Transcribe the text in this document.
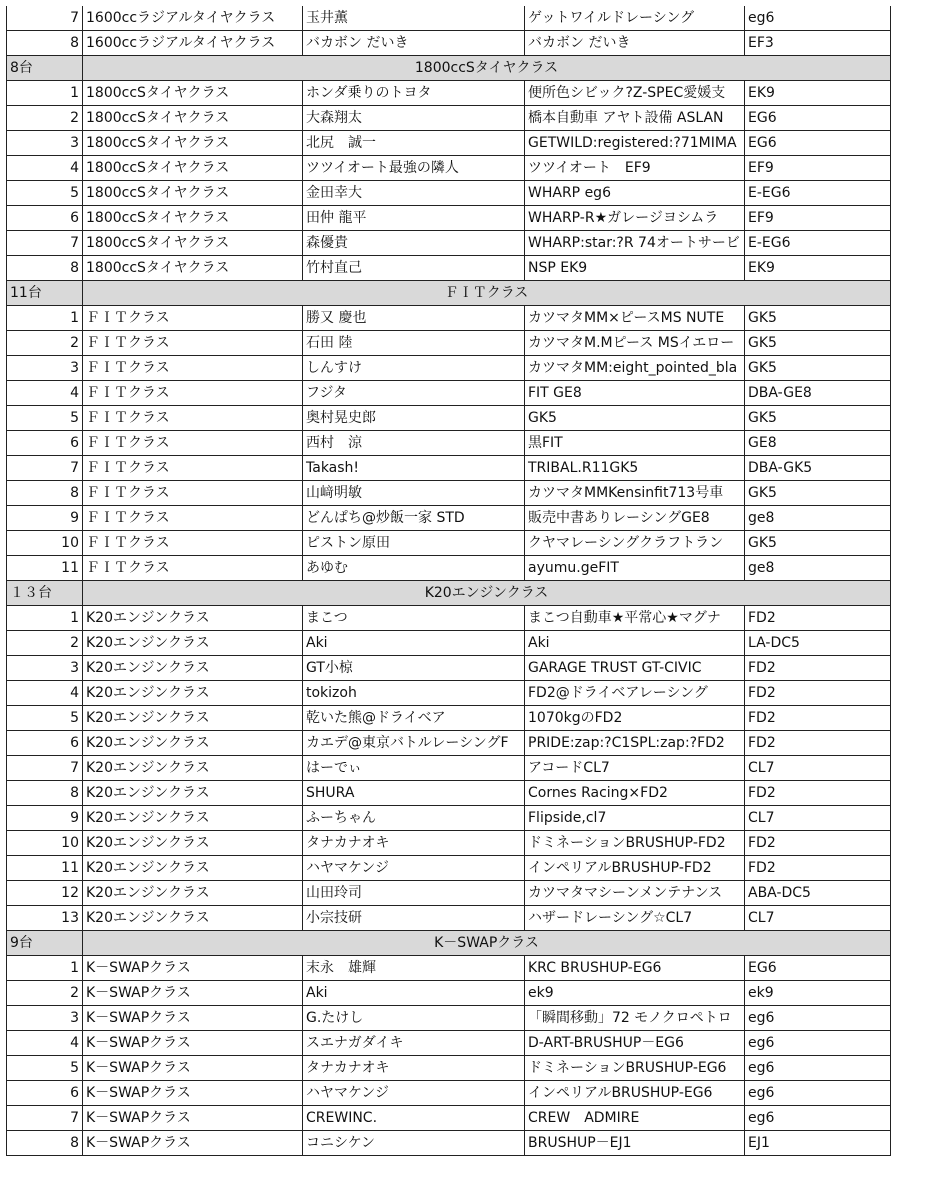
7	1600ccラジアルタイヤクラス	玉井薫	ゲットワイルドレーシング	eg6
8	1600ccラジアルタイヤクラス	バカボン だいき	バカボン だいき	EF3
8台	1800ccSタイヤクラス			
1	1800ccSタイヤクラス	ホンダ乗りのトヨタ	便所色シビック?Z-SPEC愛媛支	EK9
2	1800ccSタイヤクラス	大森翔太	橋本自動車 アヤト設備 ASLAN	EG6
3	1800ccSタイヤクラス	北尻　誠一	GETWILD:registered:?71MIMA	EG6
4	1800ccSタイヤクラス	ツツイオート最強の隣人	ツツイオート　EF9	EF9
5	1800ccSタイヤクラス	金田幸大	WHARP eg6	E-EG6
6	1800ccSタイヤクラス	田仲 龍平	WHARP-R★ガレージヨシムラ	EF9
7	1800ccSタイヤクラス	森優貴	WHARP:star:?R 74オートサービ	E-EG6
8	1800ccSタイヤクラス	竹村直己	NSP EK9	EK9
11台	ＦＩＴクラス			
1	ＦＩＴクラス	勝又 慶也	カツマタMM×ピースMS NUTE	GK5
2	ＦＩＴクラス	石田 陸	カツマタM.Mピース MSイエロー	GK5
3	ＦＩＴクラス	しんすけ	カツマタMM:eight_pointed_bla	GK5
4	ＦＩＴクラス	フジタ	FIT GE8	DBA-GE8
5	ＦＩＴクラス	奥村晃史郎	GK5	GK5
6	ＦＩＴクラス	西村　涼	黒FIT	GE8
7	ＦＩＴクラス	Takash!	TRIBAL.R11GK5	DBA-GK5
8	ＦＩＴクラス	山﨑明敏	カツマタMMKensinfit713号車	GK5
9	ＦＩＴクラス	どんぱち@炒飯一家 STD	販売中書ありレーシングGE8	ge8
10	ＦＩＴクラス	ピストン原田	クヤマレーシングクラフトラン	GK5
11	ＦＩＴクラス	あゆむ	ayumu.geFIT	ge8
１３台	K20エンジンクラス			
1	K20エンジンクラス	まこつ	まこつ自動車★平常心★マグナ	FD2
2	K20エンジンクラス	Aki	Aki	LA-DC5
3	K20エンジンクラス	GT小椋	GARAGE TRUST GT-CIVIC	FD2
4	K20エンジンクラス	tokizoh	FD2@ドライベアレーシング	FD2
5	K20エンジンクラス	乾いた熊@ドライベア	1070kgのFD2	FD2
6	K20エンジンクラス	カエデ@東京バトルレーシングF	PRIDE:zap:?C1SPL:zap:?FD2	FD2
7	K20エンジンクラス	はーでぃ	アコードCL7	CL7
8	K20エンジンクラス	SHURA	Cornes Racing×FD2	FD2
9	K20エンジンクラス	ふーちゃん	Flipside,cl7	CL7
10	K20エンジンクラス	タナカナオキ	ドミネーションBRUSHUP-FD2	FD2
11	K20エンジンクラス	ハヤマケンジ	インペリアルBRUSHUP-FD2	FD2
12	K20エンジンクラス	山田玲司	カツマタマシーンメンテナンス	ABA-DC5
13	K20エンジンクラス	小宗技研	ハザードレーシング☆CL7	CL7
9台	K－SWAPクラス			
1	K－SWAPクラス	末永　雄輝	KRC BRUSHUP-EG6	EG6
2	K－SWAPクラス	Aki	ek9	ek9
3	K－SWAPクラス	G.たけし	「瞬間移動」72 モノクロペトロ	eg6
4	K－SWAPクラス	スエナガダイキ	D-ART-BRUSHUP－EG6	eg6
5	K－SWAPクラス	タナカナオキ	ドミネーションBRUSHUP-EG6	eg6
6	K－SWAPクラス	ハヤマケンジ	インペリアルBRUSHUP-EG6	eg6
7	K－SWAPクラス	CREWINC.	CREW　ADMIRE	eg6
8	K－SWAPクラス	コニシケン	BRUSHUP－EJ1	EJ1
